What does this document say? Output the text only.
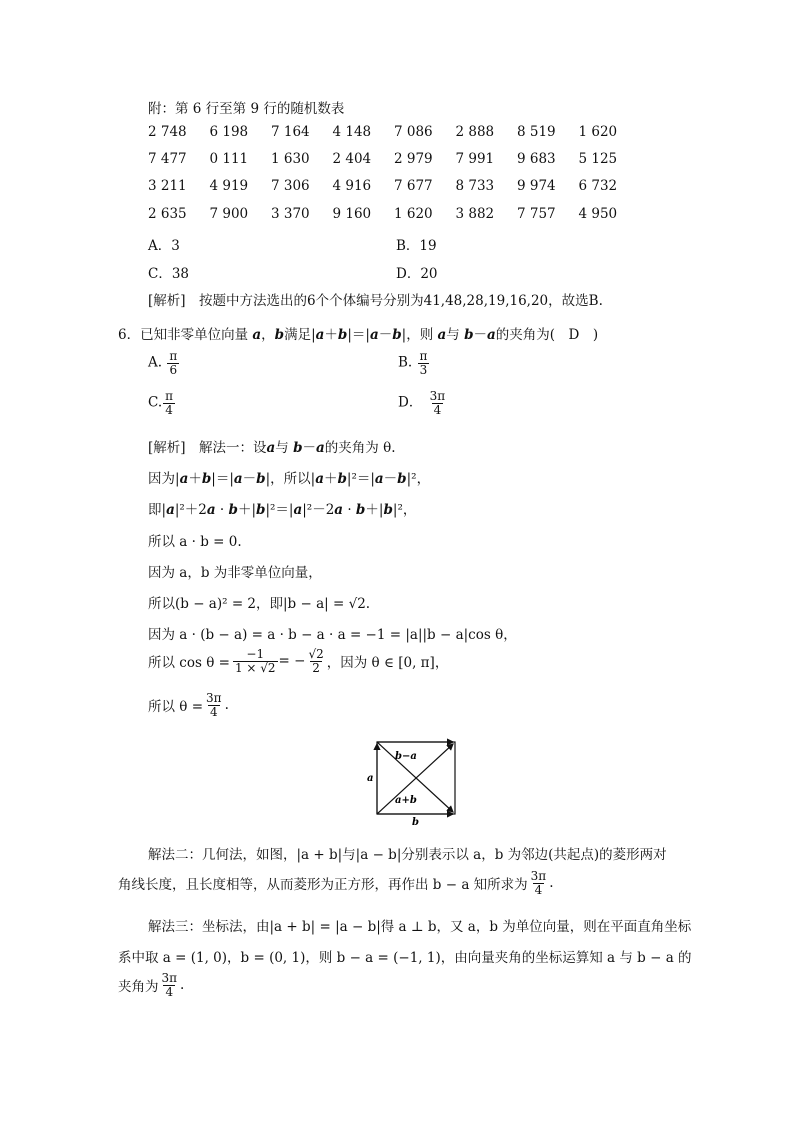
附：第 6 行至第 9 行的随机数表
2 748	6 198	7 164	4 148	7 086	2 888	8 519	1 620
7 477	0 111	1 630	2 404	2 979	7 991	9 683	5 125
3 211	4 919	7 306	4 916	7 677	8 733	9 974	6 732
2 635	7 900	3 370	9 160	1 620	3 882	7 757	4 950
A．3	B．19
C．38	D．20
[解析]　按题中方法选出的6个个体编号分别为41,48,28,19,16,20，故选B.
6．已知非零单位向量 a，b满足|a＋b|＝|a－b|，则 a与 b－a的夹角为(　D　)
A. $\frac{\pi}{6}$	B. $\frac{\pi}{3}$
C. $\frac{\pi}{4}$	D． $\frac{3\pi}{4}$
[解析]　解法一：设a与 b－a的夹角为 θ.
因为|a＋b|＝|a－b|，所以|a＋b|²＝|a－b|²，
即|a|²＋2a · b＋|b|²＝|a|²－2a · b＋|b|²，
所以 a · b = 0.
因为 a，b 为非零单位向量，
所以(b − a)² = 2，即|b − a| = √2.
因为 a · (b − a) = a · b − a · a = −1 = |a||b − a|cos θ，
所以 $\cos \theta = \frac{-1}{1 \times √2}$ = − $\frac{√2}{2}$ ，因为 θ ∈ [0, π]，
所以 $\theta = \frac{3\pi}{4}$ .
b−a
a
a+b
b
解法二：几何法，如图，|a + b|与|a − b|分别表示以 a，b 为邻边(共起点)的菱形两对
角线长度，且长度相等，从而菱形为正方形，再作出 b − a 知所求为 $\frac{3\pi}{4}$ .
解法三：坐标法，由|a + b| = |a − b|得 a ⊥ b，又 a，b 为单位向量，则在平面直角坐标
系中取 a = (1, 0)，b = (0, 1)，则 b − a = (−1, 1)，由向量夹角的坐标运算知 a 与 b − a 的
夹角为 $\frac{3\pi}{4}$ .
